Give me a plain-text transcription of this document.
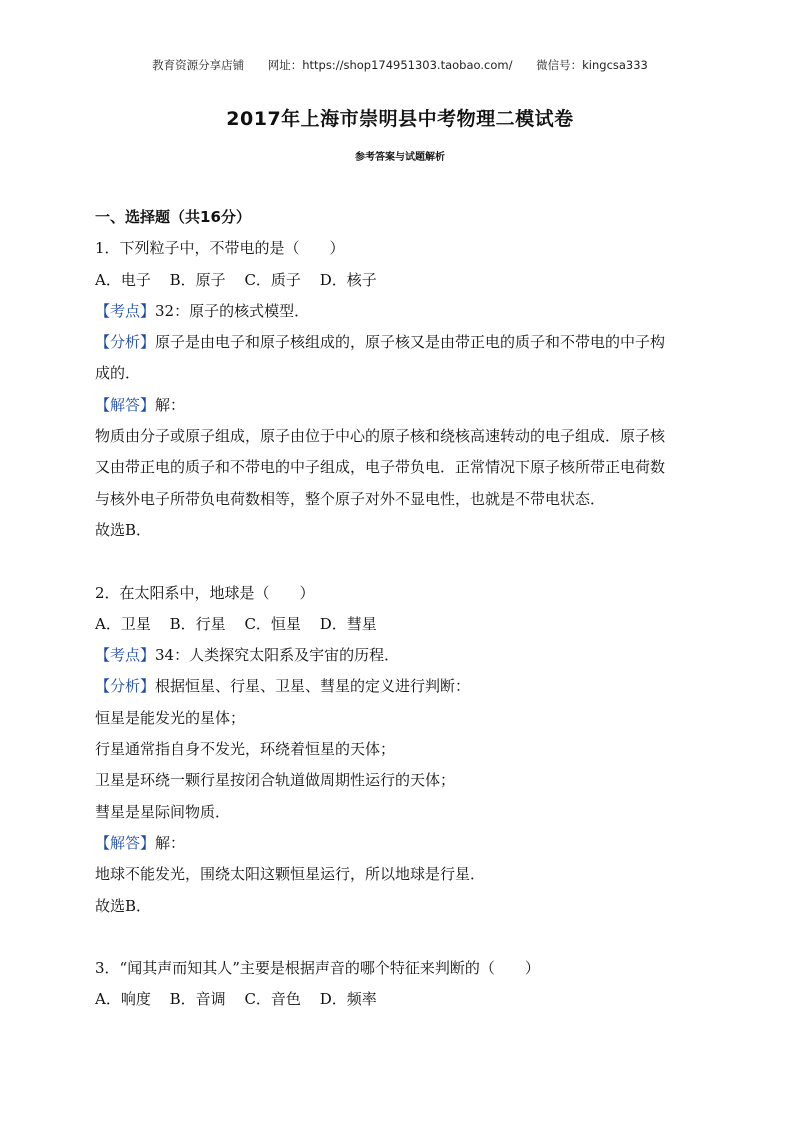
教育资源分享店铺 网址：https://shop174951303.taobao.com/ 微信号：kingcsa333
2017年上海市崇明县中考物理二模试卷
参考答案与试题解析
一、选择题（共16分）
1．下列粒子中，不带电的是（　　）
A．电子 B．原子 C．质子 D．核子
【考点】32：原子的核式模型．
【分析】原子是由电子和原子核组成的，原子核又是由带正电的质子和不带电的中子构
成的．
【解答】解：
物质由分子或原子组成，原子由位于中心的原子核和绕核高速转动的电子组成．原子核
又由带正电的质子和不带电的中子组成，电子带负电．正常情况下原子核所带正电荷数
与核外电子所带负电荷数相等，整个原子对外不显电性，也就是不带电状态．
故选B．
2．在太阳系中，地球是（　　）
A．卫星 B．行星 C．恒星 D．彗星
【考点】34：人类探究太阳系及宇宙的历程．
【分析】根据恒星、行星、卫星、彗星的定义进行判断：
恒星是能发光的星体；
行星通常指自身不发光，环绕着恒星的天体；
卫星是环绕一颗行星按闭合轨道做周期性运行的天体；
彗星是星际间物质．
【解答】解：
地球不能发光，围绕太阳这颗恒星运行，所以地球是行星．
故选B．
3．“闻其声而知其人”主要是根据声音的哪个特征来判断的（　　）
A．响度 B．音调 C．音色 D．频率
